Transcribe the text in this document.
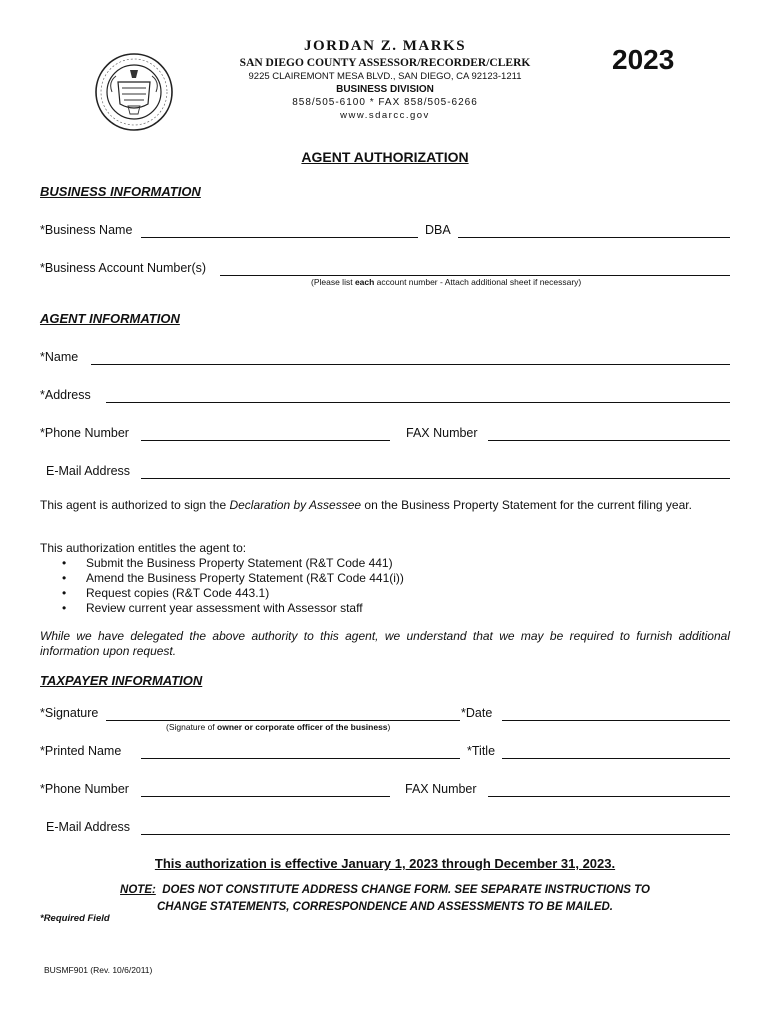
JORDAN Z. MARKS
SAN DIEGO COUNTY ASSESSOR/RECORDER/CLERK
9225 CLAIREMONT MESA BLVD., SAN DIEGO, CA 92123-1211
BUSINESS DIVISION
858/505-6100 * FAX 858/505-6266
www.sdarcc.gov
2023
AGENT AUTHORIZATION
BUSINESS INFORMATION
*Business Name	DBA
*Business Account Number(s)
(Please list each account number - Attach additional sheet if necessary)
AGENT INFORMATION
*Name
*Address
*Phone Number	FAX Number
E-Mail Address
This agent is authorized to sign the Declaration by Assessee on the Business Property Statement for the current filing year.
This authorization entitles the agent to:
• Submit the Business Property Statement (R&T Code 441)
• Amend the Business Property Statement (R&T Code 441(i))
• Request copies (R&T Code 443.1)
• Review current year assessment with Assessor staff
While we have delegated the above authority to this agent, we understand that we may be required to furnish additional information upon request.
TAXPAYER INFORMATION
*Signature	*Date
(Signature of owner or corporate officer of the business)
*Printed Name	*Title
*Phone Number	FAX Number
E-Mail Address
This authorization is effective January 1, 2023 through December 31, 2023.
NOTE: DOES NOT CONSTITUTE ADDRESS CHANGE FORM. SEE SEPARATE INSTRUCTIONS TO
CHANGE STATEMENTS, CORRESPONDENCE AND ASSESSMENTS TO BE MAILED.
*Required Field
BUSMF901 (Rev. 10/6/2011)
